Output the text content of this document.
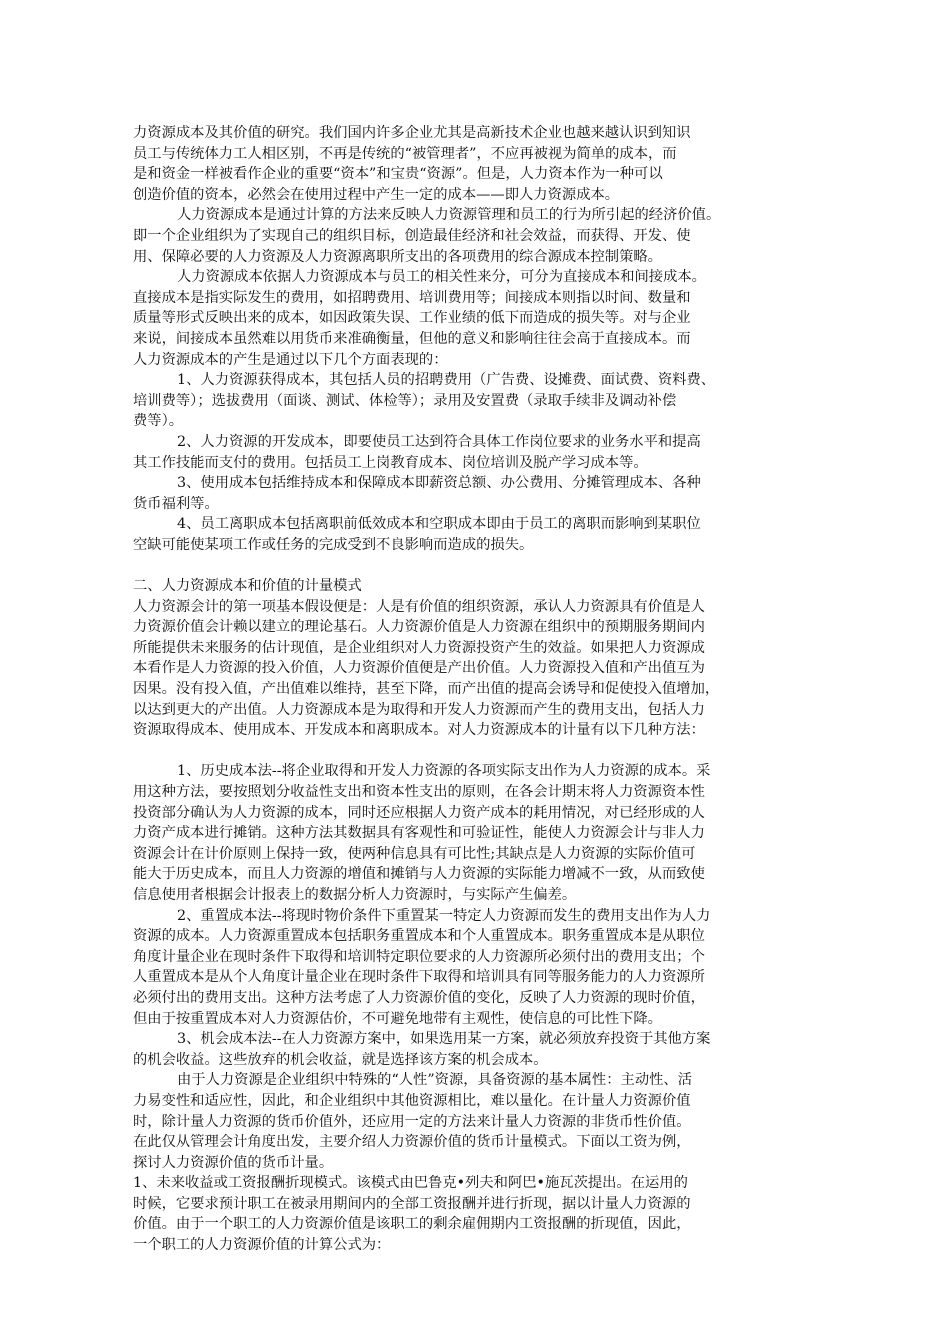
力资源成本及其价值的研究。我们国内许多企业尤其是高新技术企业也越来越认识到知识
员工与传统体力工人相区别，不再是传统的“被管理者”，不应再被视为简单的成本，而
是和资金一样被看作企业的重要“资本”和宝贵“资源”。但是，人力资本作为一种可以
创造价值的资本，必然会在使用过程中产生一定的成本——即人力资源成本。
人力资源成本是通过计算的方法来反映人力资源管理和员工的行为所引起的经济价值。
即一个企业组织为了实现自己的组织目标，创造最佳经济和社会效益，而获得、开发、使
用、保障必要的人力资源及人力资源离职所支出的各项费用的综合源成本控制策略。
人力资源成本依据人力资源成本与员工的相关性来分，可分为直接成本和间接成本。
直接成本是指实际发生的费用，如招聘费用、培训费用等；间接成本则指以时间、数量和
质量等形式反映出来的成本，如因政策失误、工作业绩的低下而造成的损失等。对与企业
来说，间接成本虽然难以用货币来准确衡量，但他的意义和影响往往会高于直接成本。而
人力资源成本的产生是通过以下几个方面表现的：
1、人力资源获得成本，其包括人员的招聘费用（广告费、设摊费、面试费、资料费、
培训费等）；选拔费用（面谈、测试、体检等）；录用及安置费（录取手续非及调动补偿
费等）。
2、人力资源的开发成本，即要使员工达到符合具体工作岗位要求的业务水平和提高
其工作技能而支付的费用。包括员工上岗教育成本、岗位培训及脱产学习成本等。
3、使用成本包括维持成本和保障成本即薪资总额、办公费用、分摊管理成本、各种
货币福利等。
4、员工离职成本包括离职前低效成本和空职成本即由于员工的离职而影响到某职位
空缺可能使某项工作或任务的完成受到不良影响而造成的损失。
二、人力资源成本和价值的计量模式
人力资源会计的第一项基本假设便是：人是有价值的组织资源，承认人力资源具有价值是人
力资源价值会计赖以建立的理论基石。人力资源价值是人力资源在组织中的预期服务期间内
所能提供未来服务的估计现值，是企业组织对人力资源投资产生的效益。如果把人力资源成
本看作是人力资源的投入价值，人力资源价值便是产出价值。人力资源投入值和产出值互为
因果。没有投入值，产出值难以维持，甚至下降，而产出值的提高会诱导和促使投入值增加，
以达到更大的产出值。人力资源成本是为取得和开发人力资源而产生的费用支出，包括人力
资源取得成本、使用成本、开发成本和离职成本。对人力资源成本的计量有以下几种方法：
1、历史成本法--将企业取得和开发人力资源的各项实际支出作为人力资源的成本。采
用这种方法，要按照划分收益性支出和资本性支出的原则，在各会计期末将人力资源资本性
投资部分确认为人力资源的成本，同时还应根据人力资产成本的耗用情况，对已经形成的人
力资产成本进行摊销。这种方法其数据具有客观性和可验证性，能使人力资源会计与非人力
资源会计在计价原则上保持一致，使两种信息具有可比性;其缺点是人力资源的实际价值可
能大于历史成本，而且人力资源的增值和摊销与人力资源的实际能力增减不一致，从而致使
信息使用者根据会计报表上的数据分析人力资源时，与实际产生偏差。
2、重置成本法--将现时物价条件下重置某一特定人力资源而发生的费用支出作为人力
资源的成本。人力资源重置成本包括职务重置成本和个人重置成本。职务重置成本是从职位
角度计量企业在现时条件下取得和培训特定职位要求的人力资源所必须付出的费用支出；个
人重置成本是从个人角度计量企业在现时条件下取得和培训具有同等服务能力的人力资源所
必须付出的费用支出。这种方法考虑了人力资源价值的变化，反映了人力资源的现时价值，
但由于按重置成本对人力资源估价，不可避免地带有主观性，使信息的可比性下降。
3、机会成本法--在人力资源方案中，如果选用某一方案，就必须放弃投资于其他方案
的机会收益。这些放弃的机会收益，就是选择该方案的机会成本。
由于人力资源是企业组织中特殊的“人性”资源，具备资源的基本属性：主动性、活
力易变性和适应性，因此，和企业组织中其他资源相比，难以量化。在计量人力资源价值
时，除计量人力资源的货币价值外，还应用一定的方法来计量人力资源的非货币性价值。
在此仅从管理会计角度出发，主要介绍人力资源价值的货币计量模式。下面以工资为例，
探讨人力资源价值的货币计量。
1、未来收益或工资报酬折现模式。该模式由巴鲁克•列夫和阿巴•施瓦茨提出。在运用的
时候，它要求预计职工在被录用期间内的全部工资报酬并进行折现，据以计量人力资源的
价值。由于一个职工的人力资源价值是该职工的剩余雇佣期内工资报酬的折现值，因此，
一个职工的人力资源价值的计算公式为：
